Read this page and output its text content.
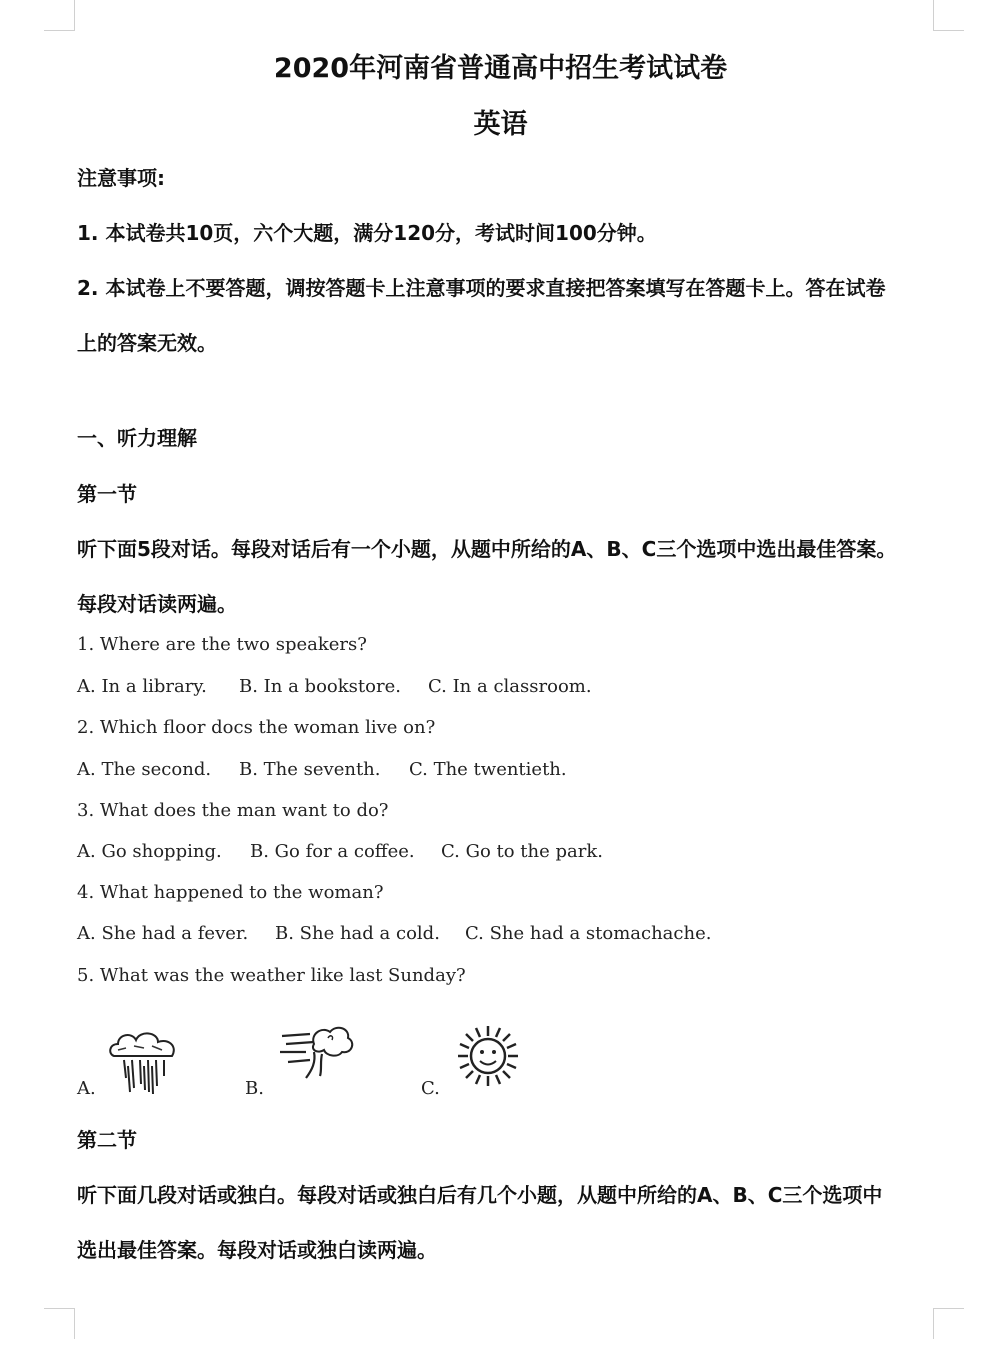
2020年河南省普通高中招生考试试卷
英语
注意事项:
1. 本试卷共10页，六个大题，满分120分，考试时间100分钟。
2. 本试卷上不要答题，调按答题卡上注意事项的要求直接把答案填写在答题卡上。答在试卷
上的答案无效。
一、听力理解
第一节
听下面5段对话。每段对话后有一个小题，从题中所给的A、B、C三个选项中选出最佳答案。
每段对话读两遍。
1. Where are the two speakers?
A. In a library. B. In a bookstore. C. In a classroom.
2. Which floor docs the woman live on?
A. The second. B. The seventh. C. The twentieth.
3. What does the man want to do?
A. Go shopping. B. Go for a coffee. C. Go to the park.
4. What happened to the woman?
A. She had a fever. B. She had a cold. C. She had a stomachache.
5. What was the weather like last Sunday?
A.	B.	C.
第二节
听下面几段对话或独白。每段对话或独白后有几个小题，从题中所给的A、B、C三个选项中
选出最佳答案。每段对话或独白读两遍。
